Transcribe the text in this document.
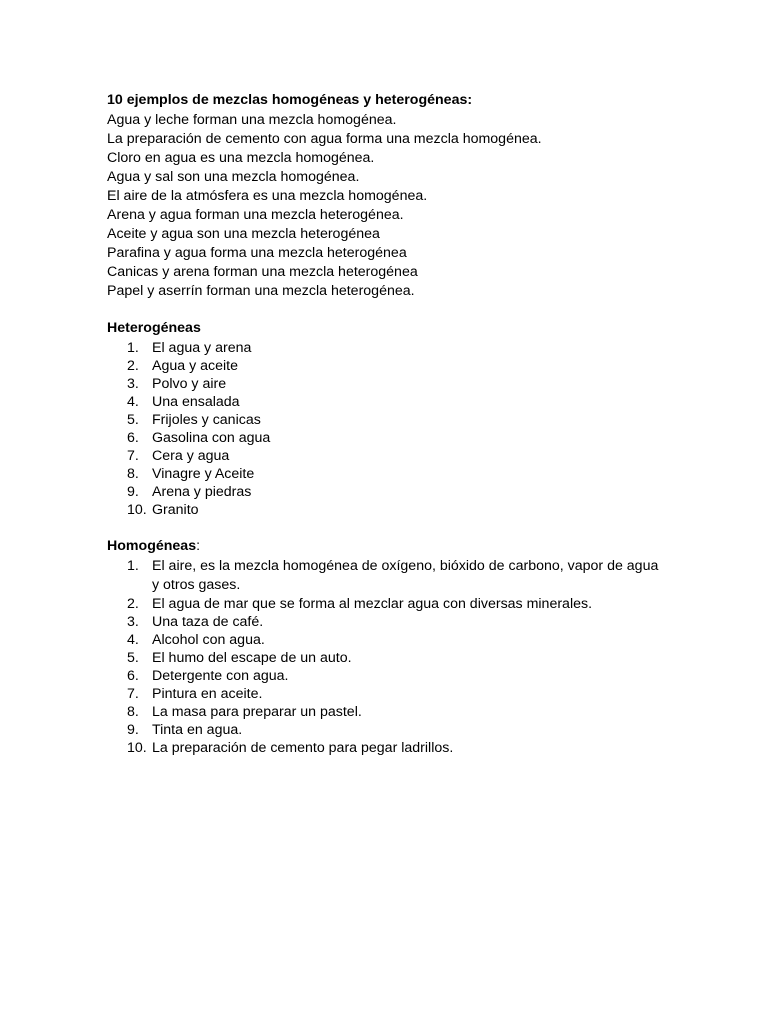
10 ejemplos de mezclas homogéneas y heterogéneas:
Agua y leche forman una mezcla homogénea.
La preparación de cemento con agua forma una mezcla homogénea.
Cloro en agua es una mezcla homogénea.
Agua y sal son una mezcla homogénea.
El aire de la atmósfera es una mezcla homogénea.
Arena y agua forman una mezcla heterogénea.
Aceite y agua son una mezcla heterogénea
Parafina y agua forma una mezcla heterogénea
Canicas y arena forman una mezcla heterogénea
Papel y aserrín forman una mezcla heterogénea.
Heterogéneas
1. El agua y arena
2. Agua y aceite
3. Polvo y aire
4. Una ensalada
5. Frijoles y canicas
6. Gasolina con agua
7. Cera y agua
8. Vinagre y Aceite
9. Arena y piedras
10. Granito
Homogéneas:
1. El aire, es la mezcla homogénea de oxígeno, bióxido de carbono, vapor de agua y otros gases.
2. El agua de mar que se forma al mezclar agua con diversas minerales.
3. Una taza de café.
4. Alcohol con agua.
5. El humo del escape de un auto.
6. Detergente con agua.
7. Pintura en aceite.
8. La masa para preparar un pastel.
9. Tinta en agua.
10. La preparación de cemento para pegar ladrillos.
